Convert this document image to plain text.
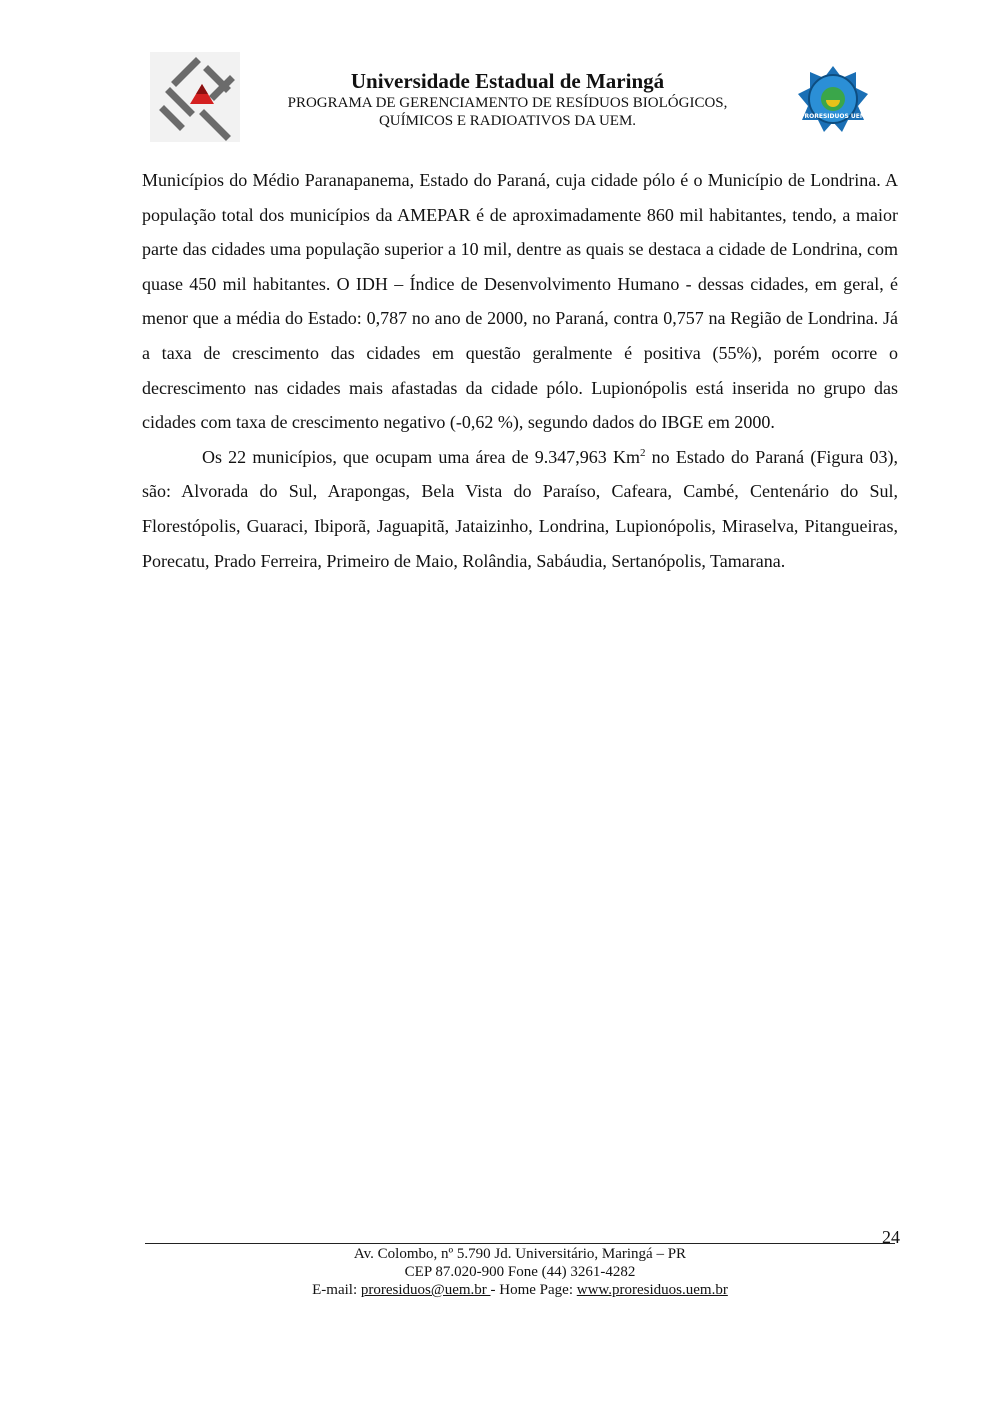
Universidade Estadual de Maringá
PROGRAMA DE GERENCIAMENTO DE RESÍDUOS BIOLÓGICOS,
QUÍMICOS E RADIOATIVOS DA UEM.	PRORESIDUOS UEM

Municípios do Médio Paranapanema, Estado do Paraná, cuja cidade pólo é o Município de Londrina. A população total dos municípios da AMEPAR é de aproximadamente 860 mil habitantes, tendo, a maior parte das cidades uma população superior a 10 mil, dentre as quais se destaca a cidade de Londrina, com quase 450 mil habitantes. O IDH – Índice de Desenvolvimento Humano - dessas cidades, em geral, é menor que a média do Estado: 0,787 no ano de 2000, no Paraná, contra 0,757 na Região de Londrina. Já a taxa de crescimento das cidades em questão geralmente é positiva (55%), porém ocorre o decrescimento nas cidades mais afastadas da cidade pólo. Lupionópolis está inserida no grupo das cidades com taxa de crescimento negativo (-0,62 %), segundo dados do IBGE em 2000.

Os 22 municípios, que ocupam uma área de 9.347,963 Km$^2$ no Estado do Paraná (Figura 03), são: Alvorada do Sul, Arapongas, Bela Vista do Paraíso, Cafeara, Cambé, Centenário do Sul, Florestópolis, Guaraci, Ibiporã, Jaguapitã, Jataizinho, Londrina, Lupionópolis, Miraselva, Pitangueiras, Porecatu, Prado Ferreira, Primeiro de Maio, Rolândia, Sabáudia, Sertanópolis, Tamarana.

24
Av. Colombo, nº 5.790 Jd. Universitário, Maringá – PR
CEP 87.020-900 Fone (44) 3261-4282
E-mail: proresiduos@uem.br - Home Page: www.proresiduos.uem.br
